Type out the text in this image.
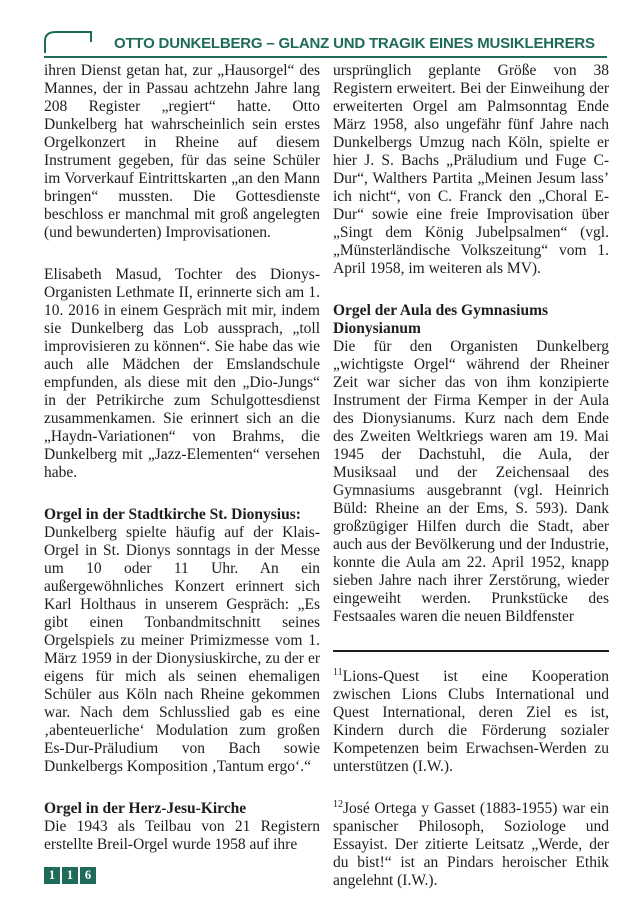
OTTO DUNKELBERG – GLANZ UND TRAGIK EINES MUSIKLEHRERS

ihren Dienst getan hat, zur „Hausorgel“ des Mannes, der in Passau achtzehn Jahre lang 208 Register „regiert“ hatte. Otto Dunkelberg hat wahrscheinlich sein erstes Orgelkonzert in Rheine auf diesem Instrument gegeben, für das seine Schüler im Vorverkauf Eintrittskarten „an den Mann bringen“ mussten. Die Gottesdienste beschloss er manchmal mit groß angelegten (und bewunderten) Improvisationen.

Elisabeth Masud, Tochter des Dionys-Organisten Lethmate II, erinnerte sich am 1. 10. 2016 in einem Gespräch mit mir, indem sie Dunkelberg das Lob aussprach, „toll improvisieren zu können“. Sie habe das wie auch alle Mädchen der Emslandschule empfunden, als diese mit den „Dio-Jungs“ in der Petrikirche zum Schulgottesdienst zusammenkamen. Sie erinnert sich an die „Haydn-Variationen“ von Brahms, die Dunkelberg mit „Jazz-Elementen“ versehen habe.

Orgel in der Stadtkirche St. Dionysius:

Dunkelberg spielte häufig auf der Klais-Orgel in St. Dionys sonntags in der Messe um 10 oder 11 Uhr. An ein außergewöhnliches Konzert erinnert sich Karl Holthaus in unserem Gespräch: „Es gibt einen Tonbandmitschnitt seines Orgelspiels zu meiner Primizmesse vom 1. März 1959 in der Dionysiuskirche, zu der er eigens für mich als seinen ehemaligen Schüler aus Köln nach Rheine gekommen war. Nach dem Schlusslied gab es eine ‚abenteuerliche‘ Modulation zum großen Es-Dur-Präludium von Bach sowie Dunkelbergs Komposition ‚Tantum ergo‘.“

Orgel in der Herz-Jesu-Kirche

Die 1943 als Teilbau von 21 Registern erstellte Breil-Orgel wurde 1958 auf ihre

ursprünglich geplante Größe von 38 Registern erweitert. Bei der Einweihung der erweiterten Orgel am Palmsonntag Ende März 1958, also ungefähr fünf Jahre nach Dunkelbergs Umzug nach Köln, spielte er hier J. S. Bachs „Präludium und Fuge C-Dur“, Walthers Partita „Meinen Jesum lass’ ich nicht“, von C. Franck den „Choral E-Dur“ sowie eine freie Improvisation über „Singt dem König Jubelpsalmen“ (vgl. „Münsterländische Volkszeitung“ vom 1. April 1958, im weiteren als MV).

Orgel der Aula des Gymnasiums Dionysianum

Die für den Organisten Dunkelberg „wichtigste Orgel“ während der Rheiner Zeit war sicher das von ihm konzipierte Instrument der Firma Kemper in der Aula des Dionysianums. Kurz nach dem Ende des Zweiten Weltkriegs waren am 19. Mai 1945 der Dachstuhl, die Aula, der Musiksaal und der Zeichensaal des Gymnasiums ausgebrannt (vgl. Heinrich Büld: Rheine an der Ems, S. 593). Dank großzügiger Hilfen durch die Stadt, aber auch aus der Bevölkerung und der Industrie, konnte die Aula am 22. April 1952, knapp sieben Jahre nach ihrer Zerstörung, wieder eingeweiht werden. Prunkstücke des Festsaales waren die neuen Bildfenster

$^{11}$Lions-Quest ist eine Kooperation zwischen Lions Clubs International und Quest International, deren Ziel es ist, Kindern durch die Förderung sozialer Kompetenzen beim Erwachsen-Werden zu unterstützen (I.W.).

$^{12}$José Ortega y Gasset (1883-1955) war ein spanischer Philosoph, Soziologe und Essayist. Der zitierte Leitsatz „Werde, der du bist!“ ist an Pindars heroischer Ethik angelehnt (I.W.).

1 1 6
